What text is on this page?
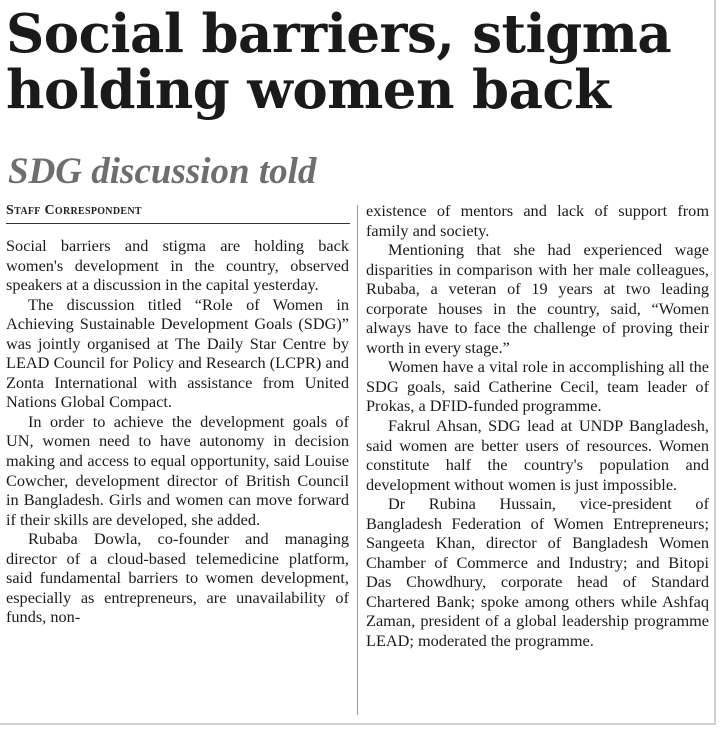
Social barriers, stigma holding women back
SDG discussion told
Staff Correspondent

Social barriers and stigma are holding back women's development in the country, observed speakers at a discussion in the capital yesterday.

The discussion titled “Role of Women in Achieving Sustainable Development Goals (SDG)” was jointly organised at The Daily Star Centre by LEAD Council for Policy and Research (LCPR) and Zonta International with assistance from United Nations Global Compact.

In order to achieve the development goals of UN, women need to have autonomy in decision making and access to equal opportunity, said Louise Cowcher, development director of British Council in Bangladesh. Girls and women can move forward if their skills are developed, she added.

Rubaba Dowla, co-founder and managing director of a cloud-based telemedicine platform, said fundamental barriers to women development, especially as entrepreneurs, are unavailability of funds, non-

existence of mentors and lack of support from family and society.

Mentioning that she had experienced wage disparities in comparison with her male colleagues, Rubaba, a veteran of 19 years at two leading corporate houses in the country, said, “Women always have to face the challenge of proving their worth in every stage.”

Women have a vital role in accomplishing all the SDG goals, said Catherine Cecil, team leader of Prokas, a DFID-funded programme.

Fakrul Ahsan, SDG lead at UNDP Bangladesh, said women are better users of resources. Women constitute half the country's population and development without women is just impossible.

Dr Rubina Hussain, vice-president of Bangladesh Federation of Women Entrepreneurs; Sangeeta Khan, director of Bangladesh Women Chamber of Commerce and Industry; and Bitopi Das Chowdhury, corporate head of Standard Chartered Bank; spoke among others while Ashfaq Zaman, president of a global leadership programme LEAD; moderated the programme.
